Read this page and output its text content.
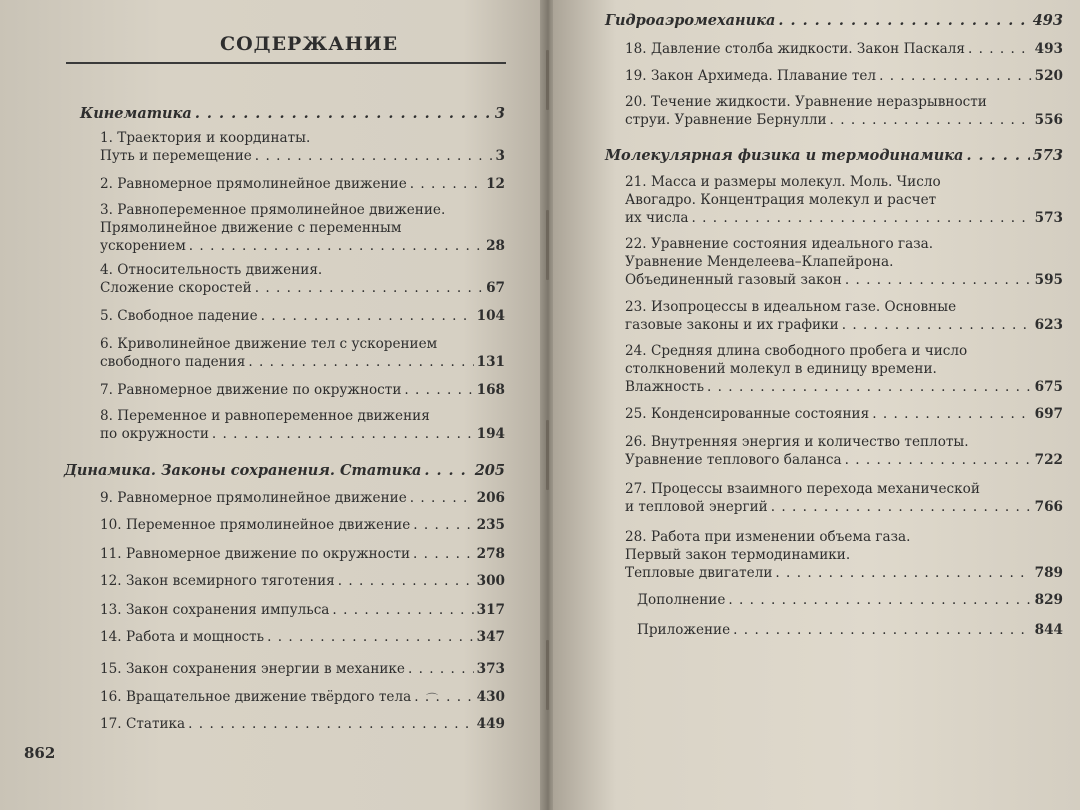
СОДЕРЖАНИЕ
Кинематика . . .	3
1. Траектория и координаты.
Путь и перемещение . . .	3
2. Равномерное прямолинейное движение . . .	12
3. Равнопеременное прямолинейное движение.
Прямолинейное движение с переменным
ускорением . . .	28
4. Относительность движения.
Сложение скоростей . . .	67
5. Свободное падение . . .	104
6. Криволинейное движение тел с ускорением
свободного падения . . .	131
7. Равномерное движение по окружности . . .	168
8. Переменное и равнопеременное движения
по окружности . . .	194
Динамика. Законы сохранения. Статика . . .	205
9. Равномерное прямолинейное движение . . .	206
10. Переменное прямолинейное движение . . .	235
11. Равномерное движение по окружности . . .	278
12. Закон всемирного тяготения . . .	300
13. Закон сохранения импульса . . .	317
14. Работа и мощность . . .	347
15. Закон сохранения энергии в механике . . .	373
16. Вращательное движение твёрдого тела . . .	430
17. Статика . . .	449
862
⌒
Гидроаэромеханика . . .	493
18. Давление столба жидкости. Закон Паскаля . . .	493
19. Закон Архимеда. Плавание тел . . .	520
20. Течение жидкости. Уравнение неразрывности
струи. Уравнение Бернулли . . .	556
Молекулярная физика и термодинамика . . .	573
21. Масса и размеры молекул. Моль. Число
Авогадро. Концентрация молекул и расчет
их числа . . .	573
22. Уравнение состояния идеального газа.
Уравнение Менделеева–Клапейрона.
Объединенный газовый закон . . .	595
23. Изопроцессы в идеальном газе. Основные
газовые законы и их графики . . .	623
24. Средняя длина свободного пробега и число
столкновений молекул в единицу времени.
Влажность . . .	675
25. Конденсированные состояния . . .	697
26. Внутренняя энергия и количество теплоты.
Уравнение теплового баланса . . .	722
27. Процессы взаимного перехода механической
и тепловой энергий . . .	766
28. Работа при изменении объема газа.
Первый закон термодинамики.
Тепловые двигатели . . .	789
Дополнение . . .	829
Приложение . . .	844
